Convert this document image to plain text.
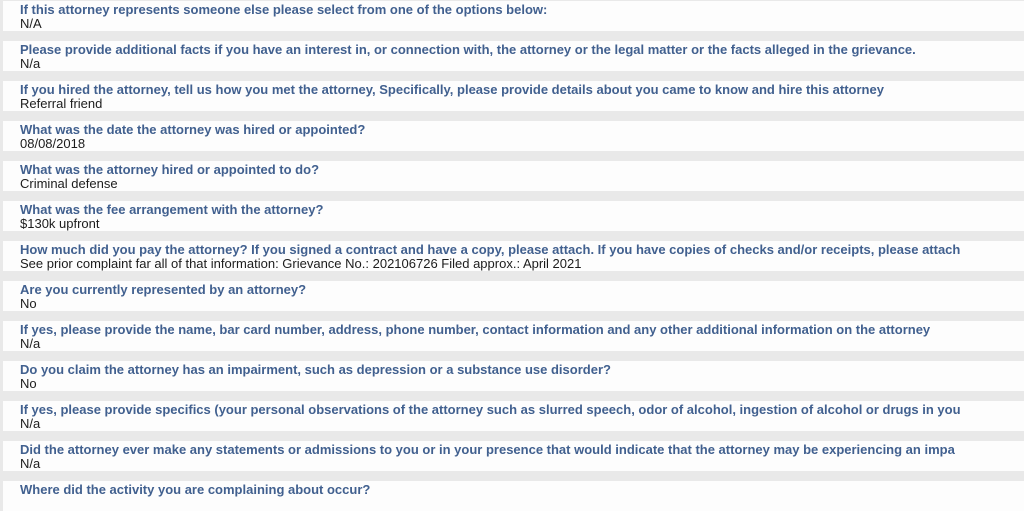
If this attorney represents someone else please select from one of the options below:
N/A
Please provide additional facts if you have an interest in, or connection with, the attorney or the legal matter or the facts alleged in the grievance.
N/a
If you hired the attorney, tell us how you met the attorney, Specifically, please provide details about you came to know and hire this attorney
Referral friend
What was the date the attorney was hired or appointed?
08/08/2018
What was the attorney hired or appointed to do?
Criminal defense
What was the fee arrangement with the attorney?
$130k upfront
How much did you pay the attorney? If you signed a contract and have a copy, please attach. If you have copies of checks and/or receipts, please attach
See prior complaint far all of that information: Grievance No.: 202106726 Filed approx.: April 2021
Are you currently represented by an attorney?
No
If yes, please provide the name, bar card number, address, phone number, contact information and any other additional information on the attorney
N/a
Do you claim the attorney has an impairment, such as depression or a substance use disorder?
No
If yes, please provide specifics (your personal observations of the attorney such as slurred speech, odor of alcohol, ingestion of alcohol or drugs in you
N/a
Did the attorney ever make any statements or admissions to you or in your presence that would indicate that the attorney may be experiencing an impa
N/a
Where did the activity you are complaining about occur?
